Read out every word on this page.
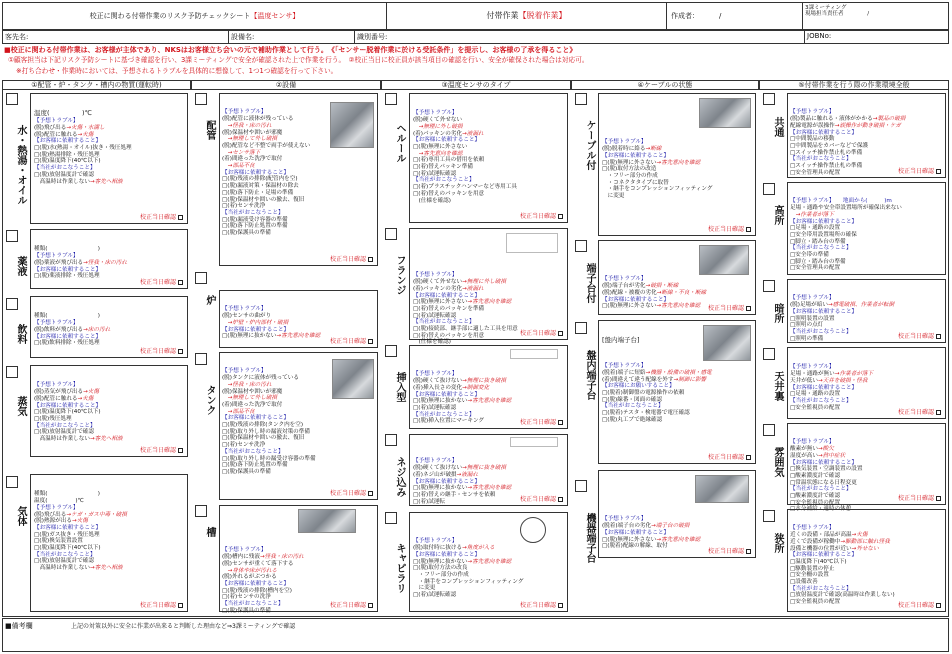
校正に関わる付帯作業のリスク予防チェックシート 【温度センサ】	付帯作業 【脱着作業】	作成者：	/
3課ミーティング
現場担当責任者	/
客先名:	設備名:	識別番号:	JOBNo:
■校正に関わる付帯作業は、お客様が主体であり、NKSはお客様立ち会いの元で補助作業として行う。　《「センサー脱着作業に於ける受託条件」を提示し、お客様の了承を得ること》
①顧客担当は下記リスク予防シートに基づき確認を行い、3課ミーティングで安全が確認された上で作業を行う。　②校正当日に校正員が該当項目の確認を行い、安全が確保された場合は対応可。
※打ち合わせ・作業時においては、予想されるトラブルを具体的に想像して、1つ1つ確認を行って下さい。
①配管・炉・タンク・槽内の物質(運転時)	②設備	③温度センサのタイプ	④ケーブルの状態	⑤付帯作業を行う際の作業環境全般
水・熱湯・オイル

温度(　　　　　)℃
【予想トラブル】
(脱)飛び出る→火傷・水濡し
(脱)配管に触れる→火傷
【お客様に依頼すること】
□(脱)水(熱湯・オイル)抜き・残圧処理
□(脱)熱湯排除・残圧処理
□(脱)温度降下(40℃以下)
【当社がおこなうこと】
□(脱)放射温度計で確認
　高温時は作業しない→客先へ相談

校正当日確認
薬液

種類(　　　　　　　　　)
【予想トラブル】
(脱)薬液が飛び出る→怪我・床の汚れ
【お客様に依頼すること】
□(脱)薬液排除・残圧処理

校正当日確認
飲料

種類(　　　　　　　　　)
【予想トラブル】
(脱)飲料が飛び出る→床の汚れ
【お客様に依頼すること】
□(脱)飲料排除・残圧処理

校正当日確認
蒸気

【予想トラブル】
(脱)蒸気が飛び出る→火傷
(脱)配管に触れる→火傷
【お客様に依頼すること】
□(脱)温度降下(40℃以下)
□(脱)残圧処理
【当社がおこなうこと】
□(脱)放射温度計で確認
　高温時は作業しない→客先へ相談

校正当日確認
気体

種類(　　　　　　　　　)
温度(　　　　　)℃
【予想トラブル】
(脱)飛び出る→ケガ・ガス中毒・破損
(脱)熱源が出る→火傷
【お客様に依頼すること】
□(脱)ガス抜き・残圧処理
□(脱)換気装置設置
□(脱)温度降下(40℃以下)
【当社がおこなうこと】
□(脱)放射温度計で確認
　高温時は作業しない→客先へ相談

校正当日確認
配管

【予想トラブル】
(脱)配管に液体が残っている
　→怪我・床の汚れ
(脱)保温材や囲いが邪魔
　→無理して外し破損
(脱)配管など不整で両手が使えない
　→センサ落下
(着)間違った洗浄で取付
　→部品不良
【お客様に依頼すること】
□(脱)残液の排除(配管内を空)
□(脱)漏液対策・保温材の除去
□(脱)落下防止・足場の準備
□(脱)保温材や囲いの撤去、復旧
□(着)センサ洗浄
【当社がおこなうこと】
□(脱)漏液受け容器の準備
□(脱)落下防止処置の準備
□(脱)保護具の準備

校正当日確認
炉

【予想トラブル】
(脱)センサの曲がり
　→炉壁・炉内部材・破損
【お客様に依頼すること】
□(脱)無理に抜かない→客先意向を確認

校正当日確認
タンク

【予想トラブル】
(脱)タンクに液体が残っている
　→怪我・床の汚れ
(脱)保温材や囲いが邪魔
　→無理して外し破損
(着)間違った洗浄で取付
　→部品不良
【お客様に依頼すること】
□(脱)残液の排除(タンク内を空)
□(脱)取り外し時の漏液対策の準備
□(脱)保温材や囲いの撤去、復旧
□(着)センサ洗浄
【当社がおこなうこと】
□(脱)取り外し時の漏受け容器の準備
□(脱)落下防止処置の準備
□(脱)保護具の準備

校正当日確認
槽

【予想トラブル】
(脱)槽内に残液→怪我・床の汚れ
(脱)センサが重くて落下する
　→身体や床が汚れる
(脱)外れるがぶつかる
【お客様に依頼すること】
□(脱)残液の排除(槽内を空)
□(着)センサの洗浄
【当社がおこなうこと】
□(脱)保護具の準備

校正当日確認
ヘルール

【予想トラブル】
(脱)硬くて外せない
　→無理に外し破損
(着)パッキンの劣化→液漏れ
【お客様に依頼すること】
□(脱)無理に外さない
　→客先意向を確認
□(着)専用工具の借用を依頼
□(着)替えパッキン準備
□(着)試運転確認
【当社がおこなうこと】
□(着)プラスチックハンマーなど専用工具
□(着)替えのパッキンを用意
　(仕様を確認)

校正当日確認
フランジ

【予想トラブル】
(脱)硬くて外せない→無理に外し破損
(着)パッキンの劣化→液漏れ
【お客様に依頼すること】
□(脱)無理に外さない→客先意向を確認
□(着)替えのパッキンを準備
□(着)試運転確認
【当社がおこなうこと】
□(脱)接続部、継手部に適した工具を用意
□(着)替えのパッキンを用意
　(仕様を確認)

校正当日確認
挿入型

【予想トラブル】
(脱)硬くて抜けない→無理に抜き破損
(着)挿入長さの変化→制御変化
【お客様に依頼すること】
□(脱)無理に抜かない→客先意向を確認
□(着)試運転確認
【当社がおこなうこと】
□(脱)挿入位置にマーキング

	校正当日確認
ネジ込み

【予想トラブル】
(脱)硬くて抜けない→無理に抜き破損
(着)ネジ山が破損→液漏れ
【お客様に依頼すること】
□(脱)無理に抜かない→客先意向を確認
□(着)替えの継手・センサを依頼
□(着)試運転

	校正当日確認
キャピラリ

【予想トラブル】
(脱)取付時に抜ける→角度が入る
【お客様に依頼すること】
□(脱)無理に抜かない→客先意向を確認
□(脱)取付方法の改良
　・フリー部分の作成
　・継手をコンプレッションフィッティング
　に変更
□(着)試運転確認

校正当日確認
ケーブル付

【予想トラブル】
(脱)脱着時に絡る→断線
【お客様に依頼すること】
□(脱)無理に外さない→客先意向を確認
□(脱)取付方法の改造
　・フリー部分の作成
　・コネクタタイプに取替
　・継手をコンプレッションフィッティング
　に変更

校正当日確認
端子台付

【予想トラブル】
(脱)端子台が劣化→破損・断線
(脱)配線・被覆の劣化→断線・不良・断線
【お客様に依頼すること】
□(脱)無理に外さない→客先意向を確認

	校正当日確認
盤内端子台

[盤内端子台]
【予想トラブル】
(脱着)端子に短絡→機器・設備の破損・感電
(着)間違えて違う配線を外す→制御に影響
【お客様にお願いすること】
□(脱着)制御盤の電源操作の依頼
□(脱)線番・図面の確認
【当社がおこなうこと】
□(脱着)テスタ・検電器で電圧確認
□(脱)丸工ブで絶縁確認

校正当日確認
機器端子台

【予想トラブル】
(脱着)端子台の劣化→端子台の破損
【お客様に依頼すること】
□(脱)無理に外さない→客先意向を確認
□(脱着)配線の解線、取付

校正当日確認
共通

【予想トラブル】
(脱)製品に触れる・液体がかかる→製品の破損
配線電源が誤操作→誤操作が動き破損・ケガ
【お客様に依頼すること】
□中間製品の移動
□中間製品をカバーなどで保護
□スイッチ操作禁止札の準備
【当社がおこなうこと】
□スイッチ操作禁止札の準備
□安全管理具の配置

	校正当日確認
高所

【予想トラブル】　　地面から(　　　)m
足場・通路や安全帯設置場所が確保出来ない
　→作業者が落下
【お客様に依頼すること】
□足場・通路の設置
□安全帯用設置場所の確保
□脚立・踏み台の準備
【当社がおこなうこと】
□安全帯の準備
□脚立・踏み台の準備
□安全管理具の配置

暗所

【予想トラブル】
(脱)足場が暗い→感電破損、作業者が転倒
【お客様に依頼すること】
□照明装置の設置
□照明の点灯
【当社がおこなうこと】
□照明の準備

	校正当日確認
天井裏

【予想トラブル】
足場・通路が無い→作業者が落下
天井が低い→天井を破損・怪我
【お客様に依頼すること】
□足場・通路の設置
【当社がおこなうこと】
□安全監視員の配置

校正当日確認
雰囲気

【予想トラブル】
酸素が無い→酸欠
湿度が高い→熱中症状
【お客様に依頼すること】
□換気装置・空調装置の設置
□酸素濃度計で確認
□常温状態になる日程変更
【当社がおこなうこと】
□酸素濃度計で確認
□安全監視員の配置
□水分補給・適時の休憩

校正当日確認
狭所

【予想トラブル】
近くの設備・部品が高温→火傷
近くで設備が稼働中→駆動部に触れ怪我
設備と機器の位置が近い→外せない
【お客様に依頼すること】
□温度降下(40℃以下)
□駆動装置の停止
□安全柵の設置
□設備改善
【当社がおこなうこと】
□放射温度計で確認(高温時は作業しない)
□安全監視員の配置

	校正当日確認
■備考欄	上記の対策以外に安全に作業が出来ると判断した理由など⇒3課ミーティングで確認
